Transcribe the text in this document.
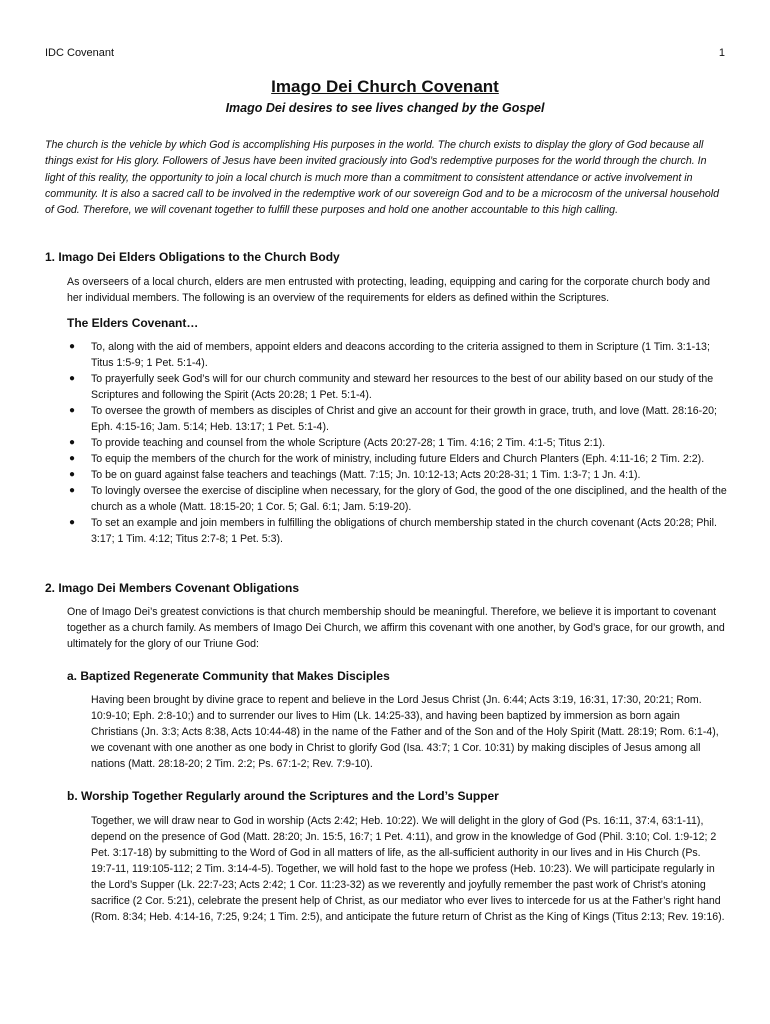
IDC Covenant	1
Imago Dei Church Covenant
Imago Dei desires to see lives changed by the Gospel

The church is the vehicle by which God is accomplishing His purposes in the world. The church exists to display the glory of God because all things exist for His glory. Followers of Jesus have been invited graciously into God’s redemptive purposes for the world through the church. In light of this reality, the opportunity to join a local church is much more than a commitment to consistent attendance or active involvement in community. It is also a sacred call to be involved in the redemptive work of our sovereign God and to be a microcosm of the universal household of God. Therefore, we will covenant together to fulfill these purposes and hold one another accountable to this high calling.

1. Imago Dei Elders Obligations to the Church Body

As overseers of a local church, elders are men entrusted with protecting, leading, equipping and caring for the corporate church body and her individual members. The following is an overview of the requirements for elders as defined within the Scriptures.

The Elders Covenant…
● To, along with the aid of members, appoint elders and deacons according to the criteria assigned to them in Scripture (1 Tim. 3:1-13; Titus 1:5-9; 1 Pet. 5:1-4).
● To prayerfully seek God’s will for our church community and steward her resources to the best of our ability based on our study of the Scriptures and following the Spirit (Acts 20:28; 1 Pet. 5:1-4).
● To oversee the growth of members as disciples of Christ and give an account for their growth in grace, truth, and love (Matt. 28:16-20; Eph. 4:15-16; Jam. 5:14; Heb. 13:17; 1 Pet. 5:1-4).
● To provide teaching and counsel from the whole Scripture (Acts 20:27-28; 1 Tim. 4:16; 2 Tim. 4:1-5; Titus 2:1).
● To equip the members of the church for the work of ministry, including future Elders and Church Planters (Eph. 4:11-16; 2 Tim. 2:2).
● To be on guard against false teachers and teachings (Matt. 7:15; Jn. 10:12-13; Acts 20:28-31; 1 Tim. 1:3-7; 1 Jn. 4:1).
● To lovingly oversee the exercise of discipline when necessary, for the glory of God, the good of the one disciplined, and the health of the church as a whole (Matt. 18:15-20; 1 Cor. 5; Gal. 6:1; Jam. 5:19-20).
● To set an example and join members in fulfilling the obligations of church membership stated in the church covenant (Acts 20:28; Phil. 3:17; 1 Tim. 4:12; Titus 2:7-8; 1 Pet. 5:3).
2. Imago Dei Members Covenant Obligations

One of Imago Dei’s greatest convictions is that church membership should be meaningful. Therefore, we believe it is important to covenant together as a church family. As members of Imago Dei Church, we affirm this covenant with one another, by God’s grace, for our growth, and ultimately for the glory of our Triune God:

a. Baptized Regenerate Community that Makes Disciples

Having been brought by divine grace to repent and believe in the Lord Jesus Christ (Jn. 6:44; Acts 3:19, 16:31, 17:30, 20:21; Rom. 10:9-10; Eph. 2:8-10;) and to surrender our lives to Him (Lk. 14:25-33), and having been baptized by immersion as born again Christians (Jn. 3:3; Acts 8:38, Acts 10:44-48) in the name of the Father and of the Son and of the Holy Spirit (Matt. 28:19; Rom. 6:1-4), we covenant with one another as one body in Christ to glorify God (Isa. 43:7; 1 Cor. 10:31) by making disciples of Jesus among all nations (Matt. 28:18-20; 2 Tim. 2:2; Ps. 67:1-2; Rev. 7:9-10).

b. Worship Together Regularly around the Scriptures and the Lord’s Supper

Together, we will draw near to God in worship (Acts 2:42; Heb. 10:22). We will delight in the glory of God (Ps. 16:11, 37:4, 63:1-11), depend on the presence of God (Matt. 28:20; Jn. 15:5, 16:7; 1 Pet. 4:11), and grow in the knowledge of God (Phil. 3:10; Col. 1:9-12; 2 Pet. 3:17-18) by submitting to the Word of God in all matters of life, as the all-sufficient authority in our lives and in His Church (Ps. 19:7-11, 119:105-112; 2 Tim. 3:14-4-5). Together, we will hold fast to the hope we profess (Heb. 10:23). We will participate regularly in the Lord’s Supper (Lk. 22:7-23; Acts 2:42; 1 Cor. 11:23-32) as we reverently and joyfully remember the past work of Christ’s atoning sacrifice (2 Cor. 5:21), celebrate the present help of Christ, as our mediator who ever lives to intercede for us at the Father’s right hand (Rom. 8:34; Heb. 4:14-16, 7:25, 9:24; 1 Tim. 2:5), and anticipate the future return of Christ as the King of Kings (Titus 2:13; Rev. 19:16).
